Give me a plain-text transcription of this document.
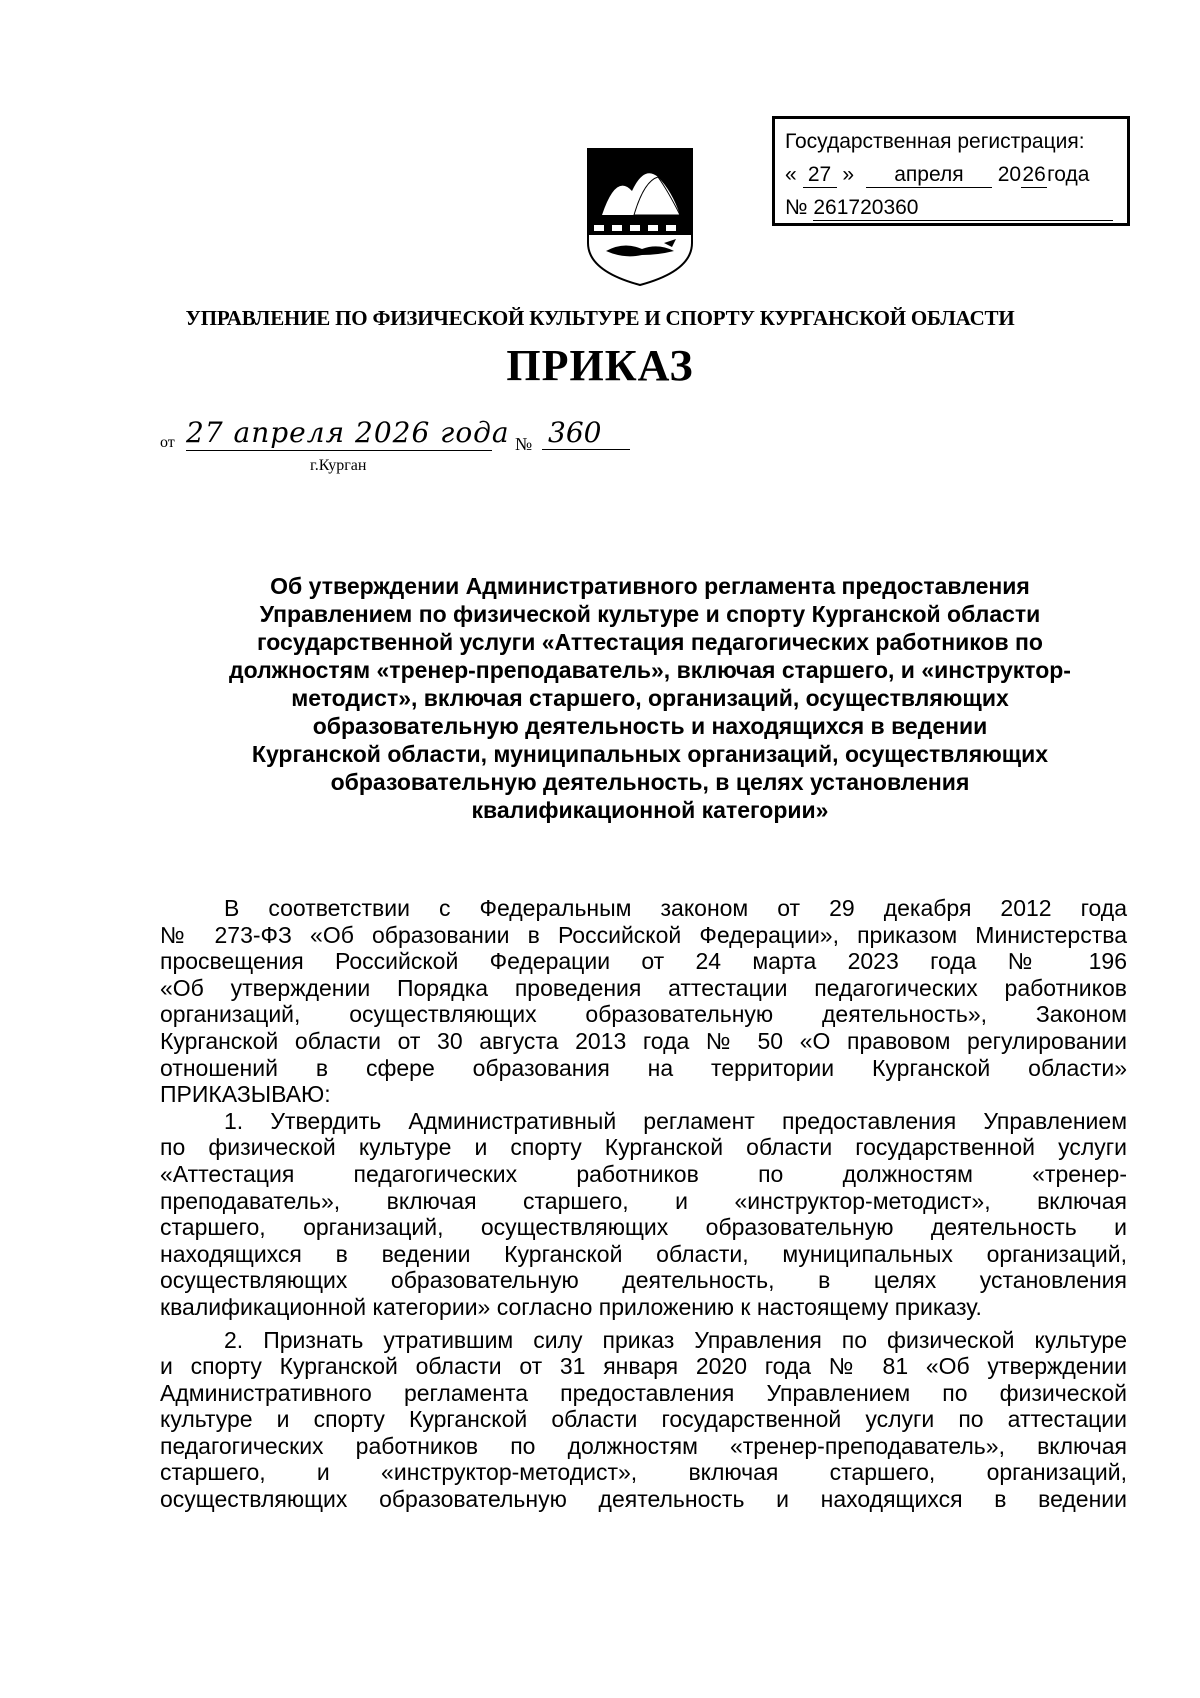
Государственная регистрация:
« 27 » апреля 2026года
№ 261720360
УПРАВЛЕНИЕ ПО ФИЗИЧЕСКОЙ КУЛЬТУРЕ И СПОРТУ КУРГАНСКОЙ ОБЛАСТИ
ПРИКАЗ
от 27 апреля 2026 года № 360
г.Курган
Об утверждении Административного регламента предоставления
Управлением по физической культуре и спорту Курганской области
государственной услуги «Аттестация педагогических работников по
должностям «тренер-преподаватель», включая старшего, и «инструктор-
методист», включая старшего, организаций, осуществляющих
образовательную деятельность и находящихся в ведении
Курганской области, муниципальных организаций, осуществляющих
образовательную деятельность, в целях установления
квалификационной категории»
В соответствии с Федеральным законом от 29 декабря 2012 года
№ 273-ФЗ «Об образовании в Российской Федерации», приказом Министерства
просвещения Российской Федерации от 24 марта 2023 года № 196
«Об утверждении Порядка проведения аттестации педагогических работников
организаций, осуществляющих образовательную деятельность», Законом
Курганской области от 30 августа 2013 года № 50 «О правовом регулировании
отношений в сфере образования на территории Курганской области»
ПРИКАЗЫВАЮ:
1. Утвердить Административный регламент предоставления Управлением
по физической культуре и спорту Курганской области государственной услуги
«Аттестация педагогических работников по должностям «тренер-
преподаватель», включая старшего, и «инструктор-методист», включая
старшего, организаций, осуществляющих образовательную деятельность и
находящихся в ведении Курганской области, муниципальных организаций,
осуществляющих образовательную деятельность, в целях установления
квалификационной категории» согласно приложению к настоящему приказу.
2. Признать утратившим силу приказ Управления по физической культуре
и спорту Курганской области от 31 января 2020 года № 81 «Об утверждении
Административного регламента предоставления Управлением по физической
культуре и спорту Курганской области государственной услуги по аттестации
педагогических работников по должностям «тренер-преподаватель», включая
старшего, и «инструктор-методист», включая старшего, организаций,
осуществляющих образовательную деятельность и находящихся в ведении
